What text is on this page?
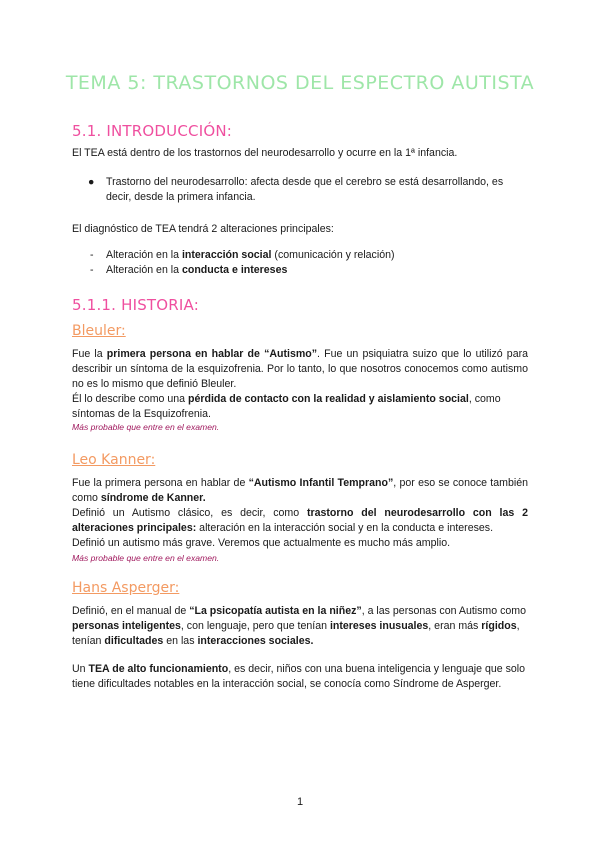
TEMA 5: TRASTORNOS DEL ESPECTRO AUTISTA
5.1. INTRODUCCIÓN:

El TEA está dentro de los trastornos del neurodesarrollo y ocurre en la 1ª infancia.

● Trastorno del neurodesarrollo: afecta desde que el cerebro se está desarrollando, es decir, desde la primera infancia.

El diagnóstico de TEA tendrá 2 alteraciones principales:

- Alteración en la interacción social (comunicación y relación)
- Alteración en la conducta e intereses
5.1.1. HISTORIA:
Bleuler:

Fue la primera persona en hablar de “Autismo”. Fue un psiquiatra suizo que lo utilizó para describir un síntoma de la esquizofrenia. Por lo tanto, lo que nosotros conocemos como autismo no es lo mismo que definió Bleuler.

Él lo describe como una pérdida de contacto con la realidad y aislamiento social, como síntomas de la Esquizofrenia.

Más probable que entre en el examen.
Leo Kanner:

Fue la primera persona en hablar de “Autismo Infantil Temprano”, por eso se conoce también como síndrome de Kanner.

Definió un Autismo clásico, es decir, como trastorno del neurodesarrollo con las 2 alteraciones principales: alteración en la interacción social y en la conducta e intereses.

Definió un autismo más grave. Veremos que actualmente es mucho más amplio.

Más probable que entre en el examen.
Hans Asperger:

Definió, en el manual de “La psicopatía autista en la niñez”, a las personas con Autismo como personas inteligentes, con lenguaje, pero que tenían intereses inusuales, eran más rígidos, tenían dificultades en las interacciones sociales.

Un TEA de alto funcionamiento, es decir, niños con una buena inteligencia y lenguaje que solo tiene dificultades notables en la interacción social, se conocía como Síndrome de Asperger.

1
